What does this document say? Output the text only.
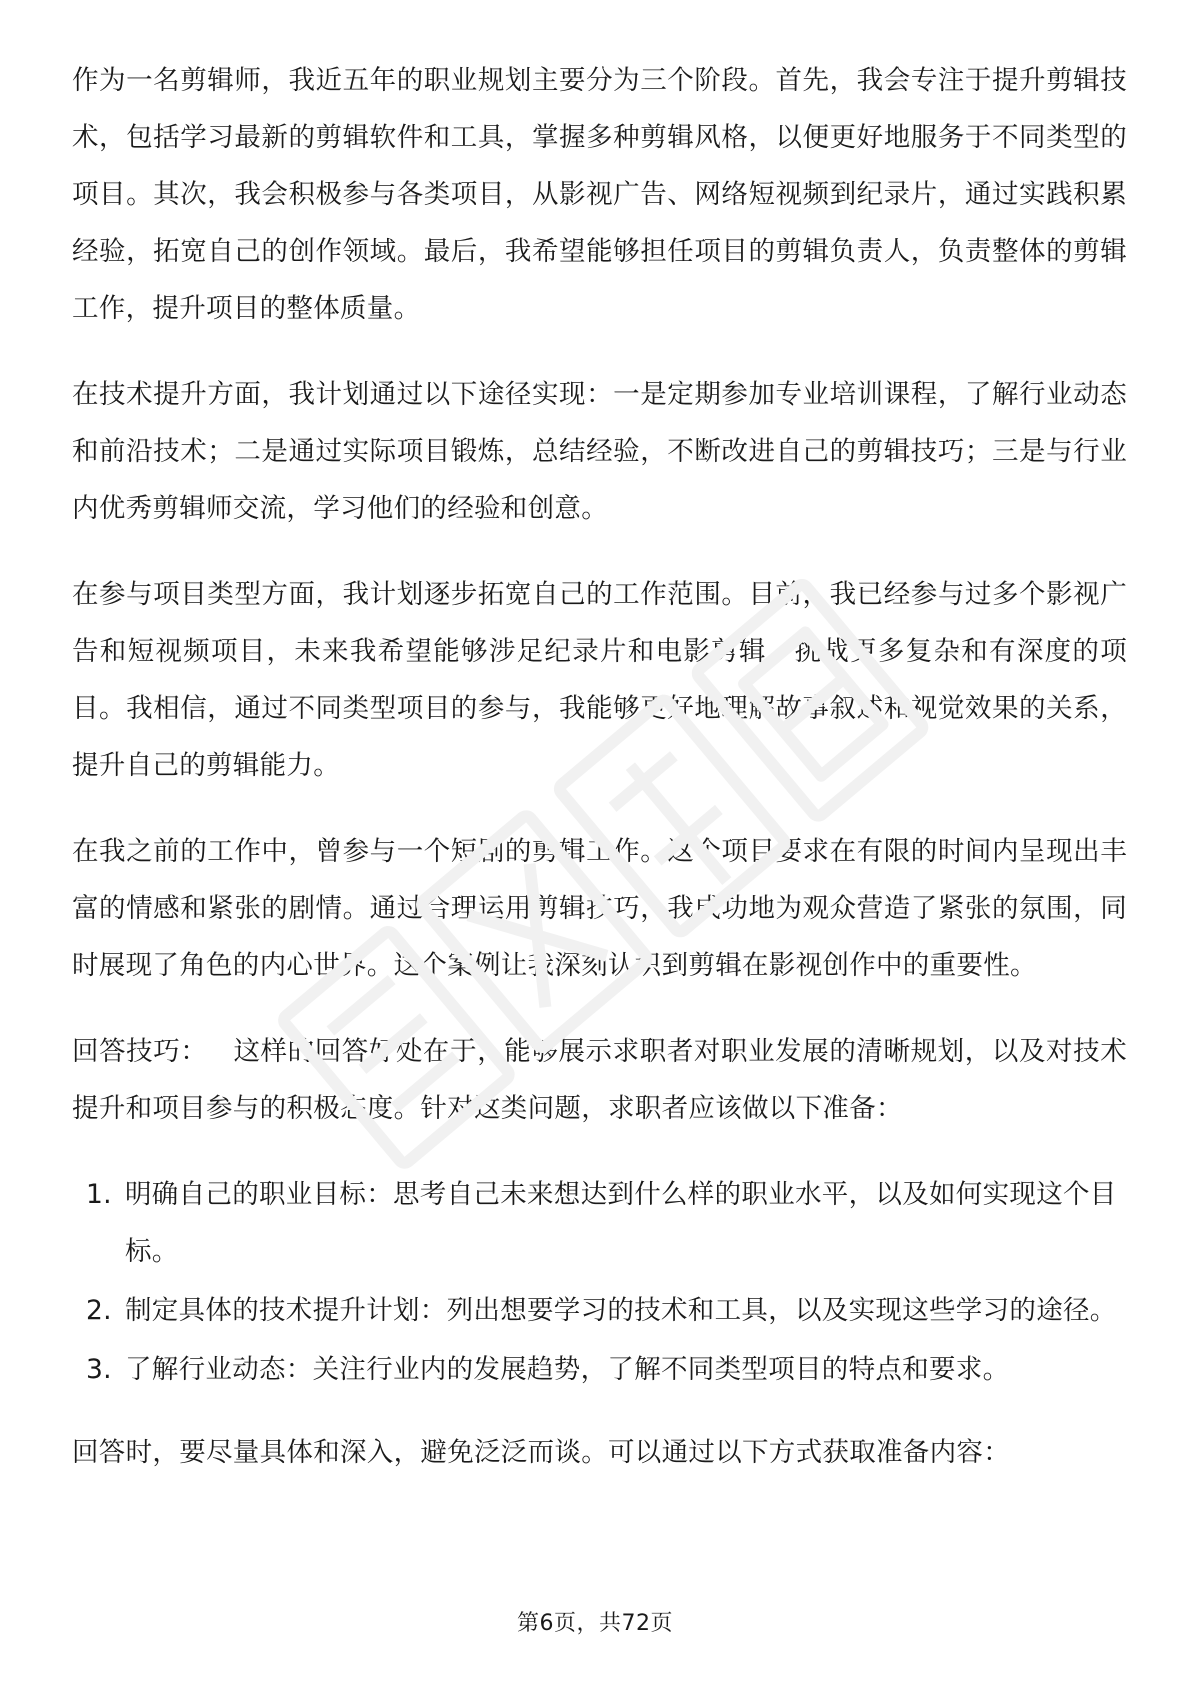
作为一名剪辑师，我近五年的职业规划主要分为三个阶段。首先，我会专注于提升剪辑技术，包括学习最新的剪辑软件和工具，掌握多种剪辑风格，以便更好地服务于不同类型的项目。其次，我会积极参与各类项目，从影视广告、网络短视频到纪录片，通过实践积累经验，拓宽自己的创作领域。最后，我希望能够担任项目的剪辑负责人，负责整体的剪辑工作，提升项目的整体质量。

在技术提升方面，我计划通过以下途径实现：一是定期参加专业培训课程，了解行业动态和前沿技术；二是通过实际项目锻炼，总结经验，不断改进自己的剪辑技巧；三是与行业内优秀剪辑师交流，学习他们的经验和创意。

在参与项目类型方面，我计划逐步拓宽自己的工作范围。目前，我已经参与过多个影视广告和短视频项目，未来我希望能够涉足纪录片和电影剪辑，挑战更多复杂和有深度的项目。我相信，通过不同类型项目的参与，我能够更好地理解故事叙述和视觉效果的关系，提升自己的剪辑能力。

在我之前的工作中，曾参与一个短剧的剪辑工作。这个项目要求在有限的时间内呈现出丰富的情感和紧张的剧情。通过合理运用剪辑技巧，我成功地为观众营造了紧张的氛围，同时展现了角色的内心世界。这个案例让我深刻认识到剪辑在影视创作中的重要性。

回答技巧： 这样的回答好处在于，能够展示求职者对职业发展的清晰规划，以及对技术提升和项目参与的积极态度。针对这类问题，求职者应该做以下准备：

1. 明确自己的职业目标：思考自己未来想达到什么样的职业水平，以及如何实现这个目标。
2. 制定具体的技术提升计划：列出想要学习的技术和工具，以及实现这些学习的途径。
3. 了解行业动态：关注行业内的发展趋势，了解不同类型项目的特点和要求。

回答时，要尽量具体和深入，避免泛泛而谈。可以通过以下方式获取准备内容：

第6页，共72页
